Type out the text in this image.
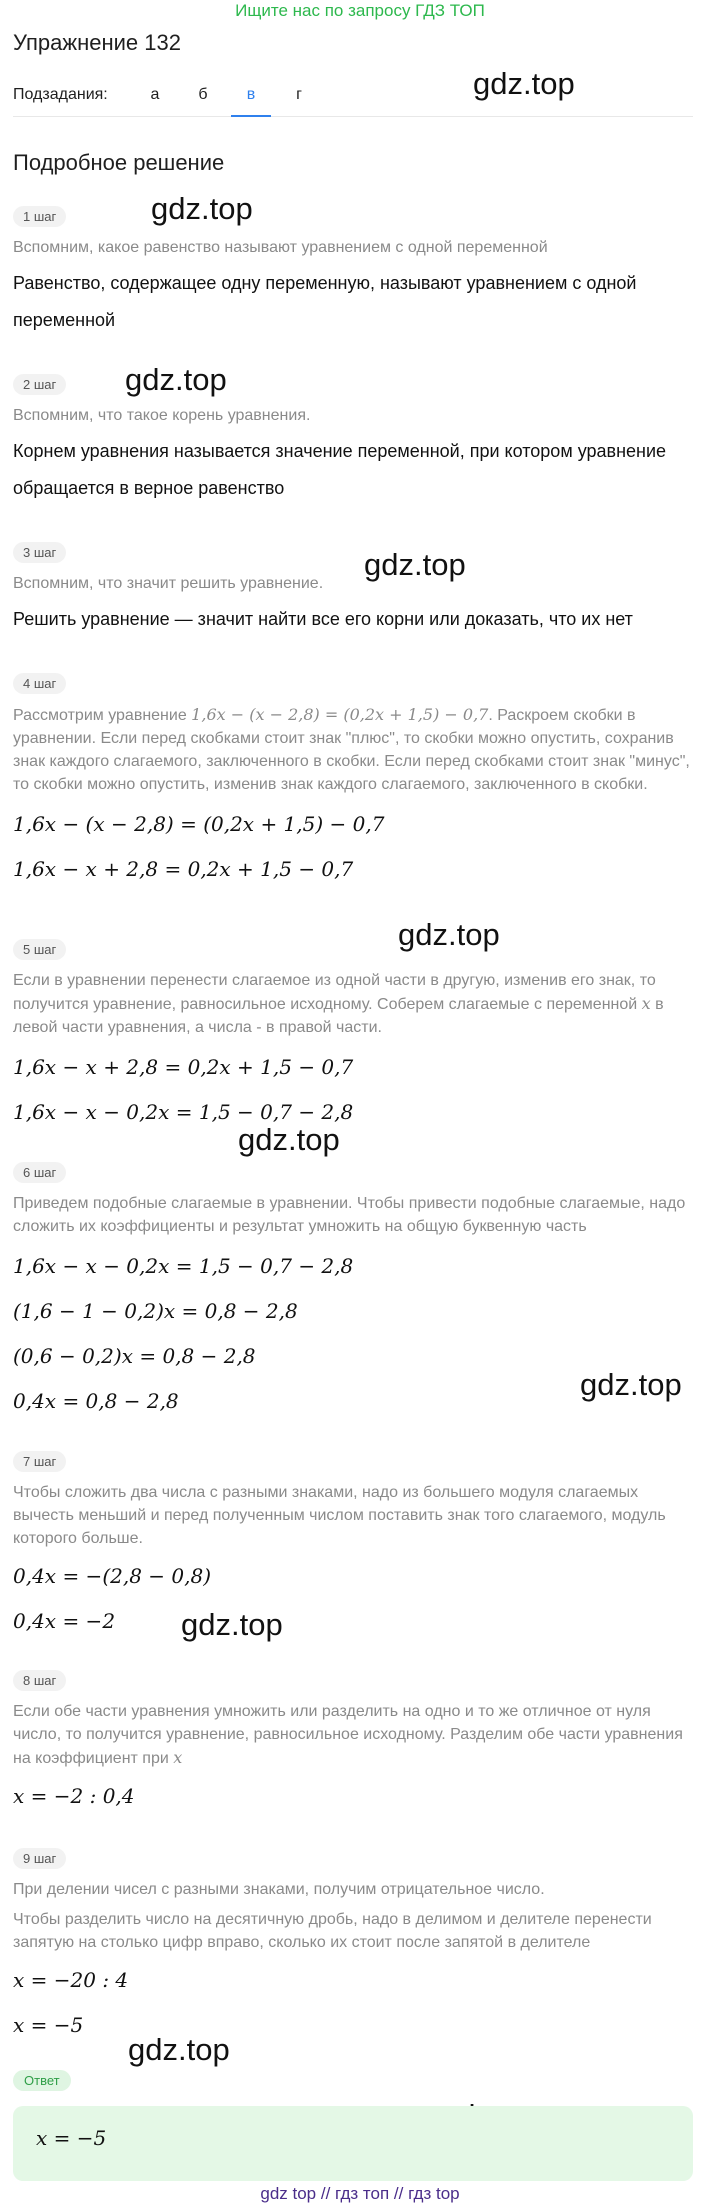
Ищите нас по запросу ГДЗ ТОП
Упражнение 132
Подзадания:	а	б	в	г
Подробное решение
gdz.top
gdz.top
gdz.top
gdz.top
gdz.top
gdz.top
gdz.top
gdz.top
gdz.top
1 шаг
Вспомним, какое равенство называют уравнением с одной переменной
Равенство, содержащее одну переменную, называют уравнением с одной переменной
2 шаг
Вспомним, что такое корень уравнения.
Корнем уравнения называется значение переменной, при котором уравнение обращается в верное равенство
3 шаг
Вспомним, что значит решить уравнение.
Решить уравнение — значит найти все его корни или доказать, что их нет
4 шаг
Рассмотрим уравнение 1,6x − (x − 2,8) = (0,2x + 1,5) − 0,7. Раскроем скобки в уравнении. Если перед скобками стоит знак "плюс", то скобки можно опустить, сохранив знак каждого слагаемого, заключенного в скобки. Если перед скобками стоит знак "минус", то скобки можно опустить, изменив знак каждого слагаемого, заключенного в скобки.
1,6x − (x − 2,8) = (0,2x + 1,5) − 0,7
1,6x − x + 2,8 = 0,2x + 1,5 − 0,7
5 шаг
Если в уравнении перенести слагаемое из одной части в другую, изменив его знак, то получится уравнение, равносильное исходному. Соберем слагаемые с переменной x в левой части уравнения, а числа - в правой части.
1,6x − x + 2,8 = 0,2x + 1,5 − 0,7
1,6x − x − 0,2x = 1,5 − 0,7 − 2,8
6 шаг
Приведем подобные слагаемые в уравнении. Чтобы привести подобные слагаемые, надо сложить их коэффициенты и результат умножить на общую буквенную часть
1,6x − x − 0,2x = 1,5 − 0,7 − 2,8
(1,6 − 1 − 0,2)x = 0,8 − 2,8
(0,6 − 0,2)x = 0,8 − 2,8
0,4x = 0,8 − 2,8
7 шаг
Чтобы сложить два числа с разными знаками, надо из большего модуля слагаемых вычесть меньший и перед полученным числом поставить знак того слагаемого, модуль которого больше.
0,4x = −(2,8 − 0,8)
0,4x = −2
8 шаг
Если обе части уравнения умножить или разделить на одно и то же отличное от нуля число, то получится уравнение, равносильное исходному. Разделим обе части уравнения на коэффициент при x
x = −2 : 0,4
9 шаг
При делении чисел с разными знаками, получим отрицательное число.
Чтобы разделить число на десятичную дробь, надо в делимом и делителе перенести запятую на столько цифр вправо, сколько их стоит после запятой в делителе
x = −20 : 4
x = −5
Ответ
x = −5
gdz top // гдз топ // гдз top
